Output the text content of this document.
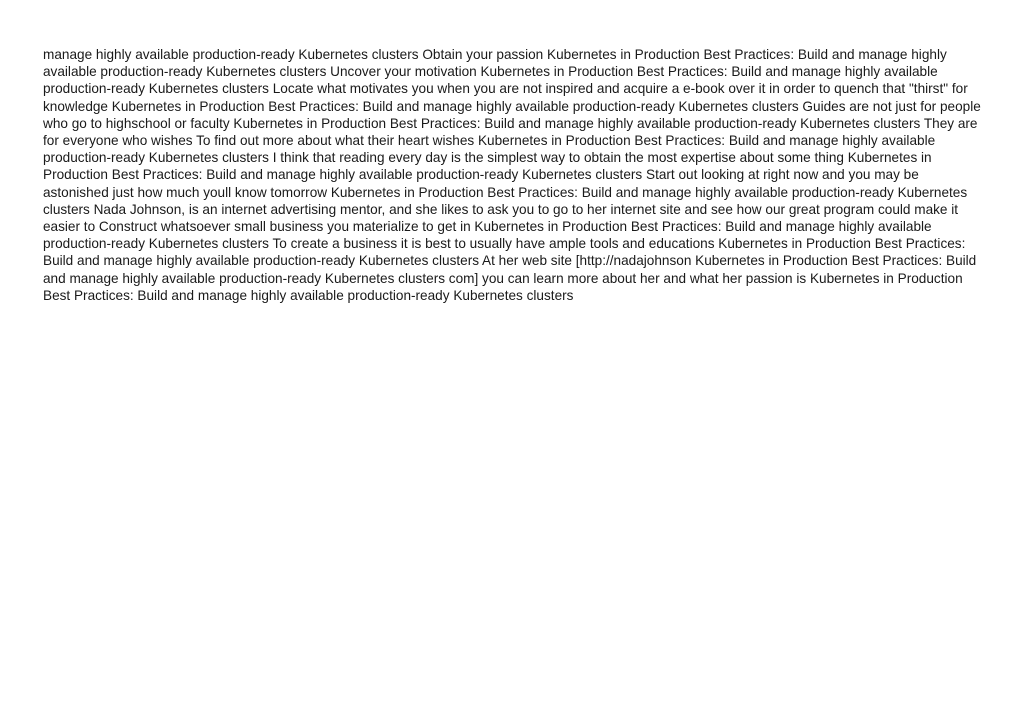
manage highly available production-ready Kubernetes clusters Obtain your passion Kubernetes in Production Best Practices: Build and manage highly available production-ready Kubernetes clusters Uncover your motivation Kubernetes in Production Best Practices: Build and manage highly available production-ready Kubernetes clusters Locate what motivates you when you are not inspired and acquire a e-book over it in order to quench that "thirst" for knowledge Kubernetes in Production Best Practices: Build and manage highly available production-ready Kubernetes clusters Guides are not just for people who go to highschool or faculty Kubernetes in Production Best Practices: Build and manage highly available production-ready Kubernetes clusters They are for everyone who wishes To find out more about what their heart wishes Kubernetes in Production Best Practices: Build and manage highly available production-ready Kubernetes clusters I think that reading every day is the simplest way to obtain the most expertise about some thing Kubernetes in Production Best Practices: Build and manage highly available production-ready Kubernetes clusters Start out looking at right now and you may be astonished just how much youll know tomorrow Kubernetes in Production Best Practices: Build and manage highly available production-ready Kubernetes clusters Nada Johnson, is an internet advertising mentor, and she likes to ask you to go to her internet site and see how our great program could make it easier to Construct whatsoever small business you materialize to get in Kubernetes in Production Best Practices: Build and manage highly available production-ready Kubernetes clusters To create a business it is best to usually have ample tools and educations Kubernetes in Production Best Practices: Build and manage highly available production-ready Kubernetes clusters At her web site [http://nadajohnson Kubernetes in Production Best Practices: Build and manage highly available production-ready Kubernetes clusters com] you can learn more about her and what her passion is Kubernetes in Production Best Practices: Build and manage highly available production-ready Kubernetes clusters
